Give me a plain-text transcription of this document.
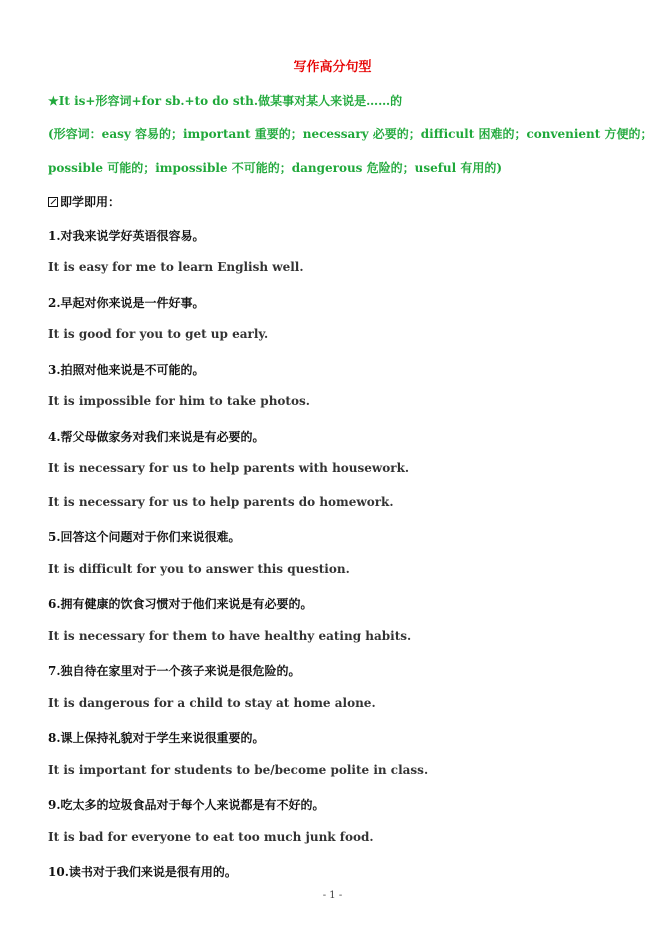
写作高分句型
★It is+形容词+for sb.+to do sth.做某事对某人来说是……的
(形容词：easy 容易的；important 重要的；necessary 必要的；difficult 困难的；convenient 方便的；
possible 可能的；impossible 不可能的；dangerous 危险的；useful 有用的)
即学即用：
1.对我来说学好英语很容易。
It is easy for me to learn English well.
2.早起对你来说是一件好事。
It is good for you to get up early.
3.拍照对他来说是不可能的。
It is impossible for him to take photos.
4.帮父母做家务对我们来说是有必要的。
It is necessary for us to help parents with housework.
It is necessary for us to help parents do homework.
5.回答这个问题对于你们来说很难。
It is difficult for you to answer this question.
6.拥有健康的饮食习惯对于他们来说是有必要的。
It is necessary for them to have healthy eating habits.
7.独自待在家里对于一个孩子来说是很危险的。
It is dangerous for a child to stay at home alone.
8.课上保持礼貌对于学生来说很重要的。
It is important for students to be/become polite in class.
9.吃太多的垃圾食品对于每个人来说都是有不好的。
It is bad for everyone to eat too much junk food.
10.读书对于我们来说是很有用的。
- 1 -
